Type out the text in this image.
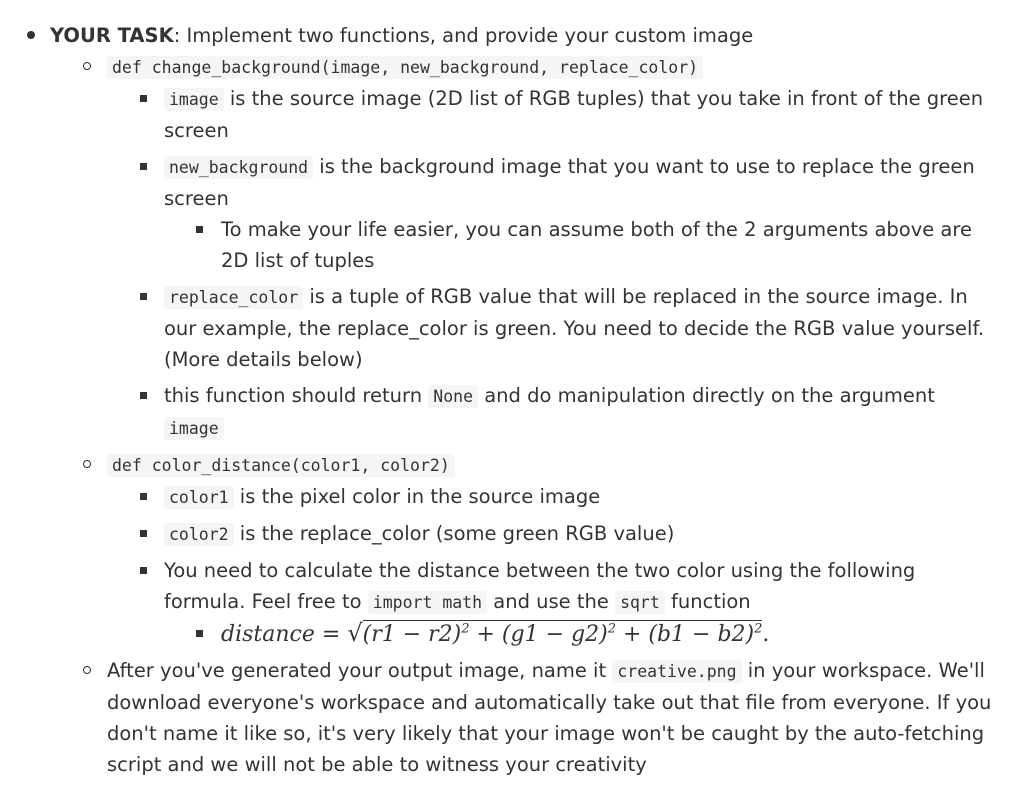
YOUR TASK: Implement two functions, and provide your custom image
def change_background(image, new_background, replace_color)
image is the source image (2D list of RGB tuples) that you take in front of the green screen
new_background is the background image that you want to use to replace the green screen
To make your life easier, you can assume both of the 2 arguments above are 2D list of tuples
replace_color is a tuple of RGB value that will be replaced in the source image. In our example, the replace_color is green. You need to decide the RGB value yourself. (More details below)
this function should return None and do manipulation directly on the argument image
def color_distance(color1, color2)
color1 is the pixel color in the source image
color2 is the replace_color (some green RGB value)
You need to calculate the distance between the two color using the following formula. Feel free to import math and use the sqrt function
distance = $√(r1 - r2)^2 + (g1 - g2)^2 + (b1 - b2)^2$.
After you've generated your output image, name it creative.png in your workspace. We'll download everyone's workspace and automatically take out that file from everyone. If you don't name it like so, it's very likely that your image won't be caught by the auto-fetching script and we will not be able to witness your creativity
